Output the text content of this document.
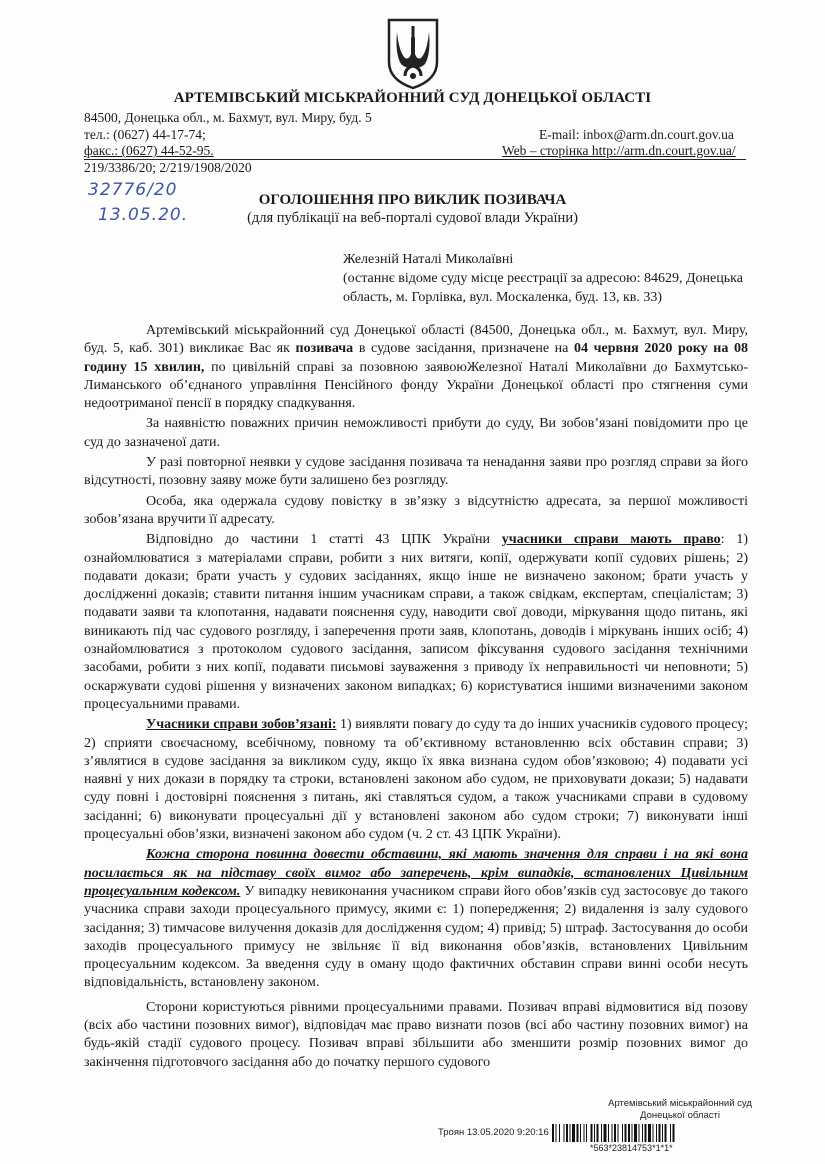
АРТЕМІВСЬКИЙ МІСЬКРАЙОННИЙ СУД ДОНЕЦЬКОЇ ОБЛАСТІ
84500, Донецька обл., м. Бахмут, вул. Миру, буд. 5
тел.: (0627) 44-17-74;	E-mail: inbox@arm.dn.court.gov.ua
факс.: (0627) 44-52-95.	Web – сторінка http://arm.dn.court.gov.ua/
219/3386/20; 2/219/1908/2020
32776/20
13.05.20.
ОГОЛОШЕННЯ ПРО ВИКЛИК ПОЗИВАЧА
(для публікації на веб-порталі судової влади України)
Железній Наталі Миколаївні
(останнє відоме суду місце реєстрації за адресою: 84629, Донецька область, м. Горлівка, вул. Москаленка, буд. 13, кв. 33)

Артемівський міськрайонний суд Донецької області (84500, Донецька обл., м. Бахмут, вул. Миру, буд. 5, каб. 301) викликає Вас як позивача в судове засідання, призначене на 04 червня 2020 року на 08 годину 15 хвилин, по цивільній справі за позовною заявоюЖелезної Наталі Миколаївни до Бахмутсько-Лиманського об’єднаного управління Пенсійного фонду України Донецької області про стягнення суми недоотриманої пенсії в порядку спадкування.

За наявністю поважних причин неможливості прибути до суду, Ви зобов’язані повідомити про це суд до зазначеної дати.

У разі повторної неявки у судове засідання позивача та ненадання заяви про розгляд справи за його відсутності, позовну заяву може бути залишено без розгляду.

Особа, яка одержала судову повістку в зв’язку з відсутністю адресата, за першої можливості зобов’язана вручити її адресату.

Відповідно до частини 1 статті 43 ЦПК України учасники справи мають право: 1) ознайомлюватися з матеріалами справи, робити з них витяги, копії, одержувати копії судових рішень; 2) подавати докази; брати участь у судових засіданнях, якщо інше не визначено законом; брати участь у дослідженні доказів; ставити питання іншим учасникам справи, а також свідкам, експертам, спеціалістам; 3) подавати заяви та клопотання, надавати пояснення суду, наводити свої доводи, міркування щодо питань, які виникають під час судового розгляду, і заперечення проти заяв, клопотань, доводів і міркувань інших осіб; 4) ознайомлюватися з протоколом судового засідання, записом фіксування судового засідання технічними засобами, робити з них копії, подавати письмові зауваження з приводу їх неправильності чи неповноти; 5) оскаржувати судові рішення у визначених законом випадках; 6) користуватися іншими визначеними законом процесуальними правами.

Учасники справи зобов’язані: 1) виявляти повагу до суду та до інших учасників судового процесу; 2) сприяти своєчасному, всебічному, повному та об’єктивному встановленню всіх обставин справи; 3) з’являтися в судове засідання за викликом суду, якщо їх явка визнана судом обов’язковою; 4) подавати усі наявні у них докази в порядку та строки, встановлені законом або судом, не приховувати докази; 5) надавати суду повні і достовірні пояснення з питань, які ставляться судом, а також учасниками справи в судовому засіданні; 6) виконувати процесуальні дії у встановлені законом або судом строки; 7) виконувати інші процесуальні обов’язки, визначені законом або судом (ч. 2 ст. 43 ЦПК України).

Кожна сторона повинна довести обставини, які мають значення для справи і на які вона посилається як на підставу своїх вимог або заперечень, крім випадків, встановлених Цивільним процесуальним кодексом. У випадку невиконання учасником справи його обов’язків суд застосовує до такого учасника справи заходи процесуального примусу, якими є: 1) попередження; 2) видалення із залу судового засідання; 3) тимчасове вилучення доказів для дослідження судом; 4) привід; 5) штраф. Застосування до особи заходів процесуального примусу не звільняє її від виконання обов’язків, встановлених Цивільним процесуальним кодексом. За введення суду в оману щодо фактичних обставин справи винні особи несуть відповідальність, встановлену законом.

Сторони користуються рівними процесуальними правами. Позивач вправі відмовитися від позову (всіх або частини позовних вимог), відповідач має право визнати позов (всі або частину позовних вимог) на будь-якій стадії судового процесу. Позивач вправі збільшити або зменшити розмір позовних вимог до закінчення підготовчого засідання або до початку першого судового

Артемівський міськрайонний суд
Донецької області
Троян 13.05.2020 9:20:16
*563*23814753*1*1*
